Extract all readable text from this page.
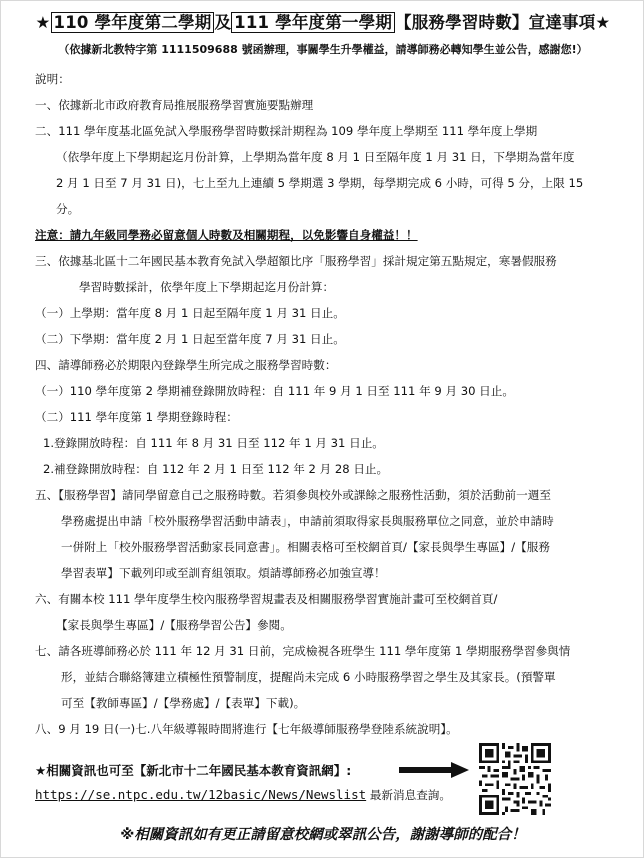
★ 110 學年度第二學期 及 111 學年度第一學期 【服務學習時數】宣達事項★
（依據新北教特字第 1111509688 號函辦理，事關學生升學權益，請導師務必轉知學生並公告，感謝您!）
說明：
一、依據新北市政府教育局推展服務學習實施要點辦理
二、111 學年度基北區免試入學服務學習時數採計期程為 109 學年度上學期至 111 學年度上學期
（依學年度上下學期起迄月份計算，上學期為當年度 8 月 1 日至隔年度 1 月 31 日，下學期為當年度
2 月 1 日至 7 月 31 日)，七上至九上連續 5 學期選 3 學期，每學期完成 6 小時，可得 5 分，上限 15
分。
注意：請九年級同學務必留意個人時數及相關期程，以免影響自身權益！！
三、依據基北區十二年國民基本教育免試入學超額比序「服務學習」採計規定第五點規定，寒暑假服務
學習時數採計，依學年度上下學期起迄月份計算：
（一）上學期：當年度 8 月 1 日起至隔年度 1 月 31 日止。
（二）下學期：當年度 2 月 1 日起至當年度 7 月 31 日止。
四、請導師務必於期限內登錄學生所完成之服務學習時數：
（一）110 學年度第 2 學期補登錄開放時程：自 111 年 9 月 1 日至 111 年 9 月 30 日止。
（二）111 學年度第 1 學期登錄時程：
1.登錄開放時程：自 111 年 8 月 31 日至 112 年 1 月 31 日止。
2.補登錄開放時程：自 112 年 2 月 1 日至 112 年 2 月 28 日止。
五、【服務學習】請同學留意自己之服務時數。若須參與校外或課餘之服務性活動，須於活動前一週至
學務處提出申請「校外服務學習活動申請表」，申請前須取得家長與服務單位之同意，並於申請時
一併附上「校外服務學習活動家長同意書」。相關表格可至校網首頁/【家長與學生專區】/【服務
學習表單】下載列印或至訓育組領取。煩請導師務必加強宣導！
六、有關本校 111 學年度學生校內服務學習規畫表及相關服務學習實施計畫可至校網首頁/
【家長與學生專區】/【服務學習公告】參閱。
七、請各班導師務必於 111 年 12 月 31 日前，完成檢視各班學生 111 學年度第 1 學期服務學習參與情
形，並結合聯絡簿建立積極性預警制度，提醒尚未完成 6 小時服務學習之學生及其家長。(預警單
可至【教師專區】/【學務處】/【表單】下載)。
八、9 月 19 日(一)七.八年級導報時間將進行【七年級導師服務學登陸系統說明】。
★相關資訊也可至【新北市十二年國民基本教育資訊網】:
https://se.ntpc.edu.tw/12basic/News/Newslist 最新消息查詢。
※相關資訊如有更正請留意校網或翠訊公告，謝謝導師的配合！
